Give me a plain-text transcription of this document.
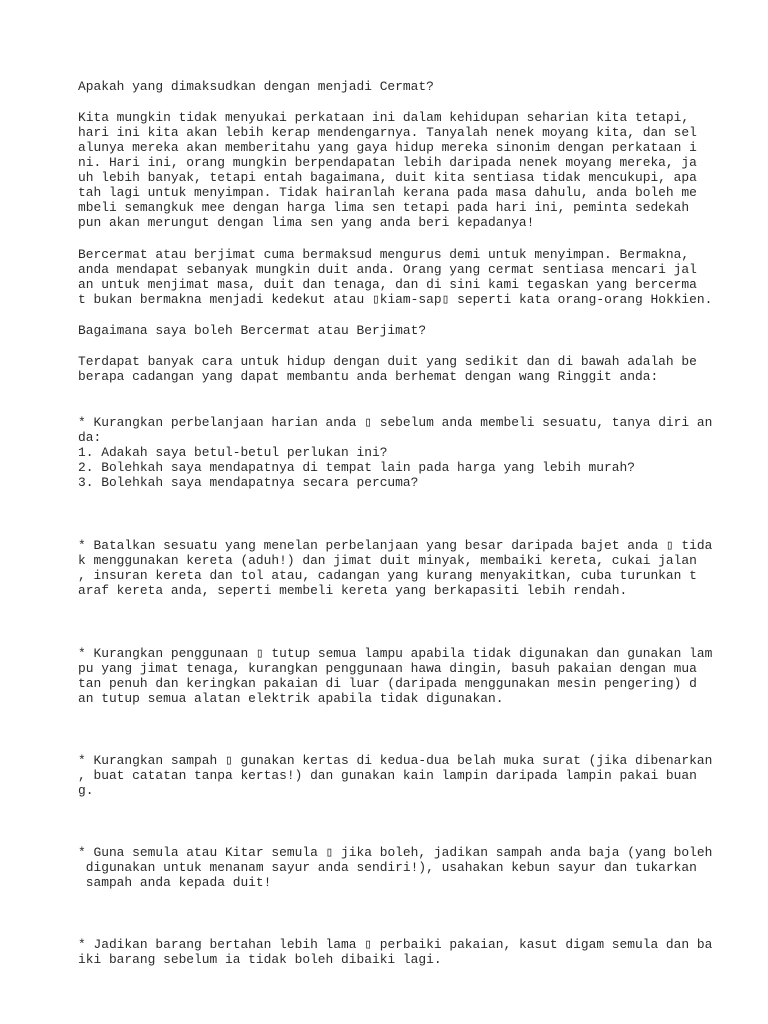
Apakah yang dimaksudkan dengan menjadi Cermat?

Kita mungkin tidak menyukai perkataan ini dalam kehidupan seharian kita tetapi,

hari ini kita akan lebih kerap mendengarnya. Tanyalah nenek moyang kita, dan sel

alunya mereka akan memberitahu yang gaya hidup mereka sinonim dengan perkataan i

ni. Hari ini, orang mungkin berpendapatan lebih daripada nenek moyang mereka, ja

uh lebih banyak, tetapi entah bagaimana, duit kita sentiasa tidak mencukupi, apa

tah lagi untuk menyimpan. Tidak hairanlah kerana pada masa dahulu, anda boleh me

mbeli semangkuk mee dengan harga lima sen tetapi pada hari ini, peminta sedekah

pun akan merungut dengan lima sen yang anda beri kepadanya!

Bercermat atau berjimat cuma bermaksud mengurus demi untuk menyimpan. Bermakna,

anda mendapat sebanyak mungkin duit anda. Orang yang cermat sentiasa mencari jal

an untuk menjimat masa, duit dan tenaga, dan di sini kami tegaskan yang bercerma

t bukan bermakna menjadi kedekut atau ▯kiam-sap▯ seperti kata orang-orang Hokkien.

Bagaimana saya boleh Bercermat atau Berjimat?

Terdapat banyak cara untuk hidup dengan duit yang sedikit dan di bawah adalah be

berapa cadangan yang dapat membantu anda berhemat dengan wang Ringgit anda:

* Kurangkan perbelanjaan harian anda ▯ sebelum anda membeli sesuatu, tanya diri an

da:

1. Adakah saya betul-betul perlukan ini?

2. Bolehkah saya mendapatnya di tempat lain pada harga yang lebih murah?

3. Bolehkah saya mendapatnya secara percuma?

* Batalkan sesuatu yang menelan perbelanjaan yang besar daripada bajet anda ▯ tida

k menggunakan kereta (aduh!) dan jimat duit minyak, membaiki kereta, cukai jalan

, insuran kereta dan tol atau, cadangan yang kurang menyakitkan, cuba turunkan t

araf kereta anda, seperti membeli kereta yang berkapasiti lebih rendah.

* Kurangkan penggunaan ▯ tutup semua lampu apabila tidak digunakan dan gunakan lam

pu yang jimat tenaga, kurangkan penggunaan hawa dingin, basuh pakaian dengan mua

tan penuh dan keringkan pakaian di luar (daripada menggunakan mesin pengering) d

an tutup semua alatan elektrik apabila tidak digunakan.

* Kurangkan sampah ▯ gunakan kertas di kedua-dua belah muka surat (jika dibenarkan

, buat catatan tanpa kertas!) dan gunakan kain lampin daripada lampin pakai buan

g.

* Guna semula atau Kitar semula ▯ jika boleh, jadikan sampah anda baja (yang boleh

digunakan untuk menanam sayur anda sendiri!), usahakan kebun sayur dan tukarkan

sampah anda kepada duit!

* Jadikan barang bertahan lebih lama ▯ perbaiki pakaian, kasut digam semula dan ba

iki barang sebelum ia tidak boleh dibaiki lagi.
